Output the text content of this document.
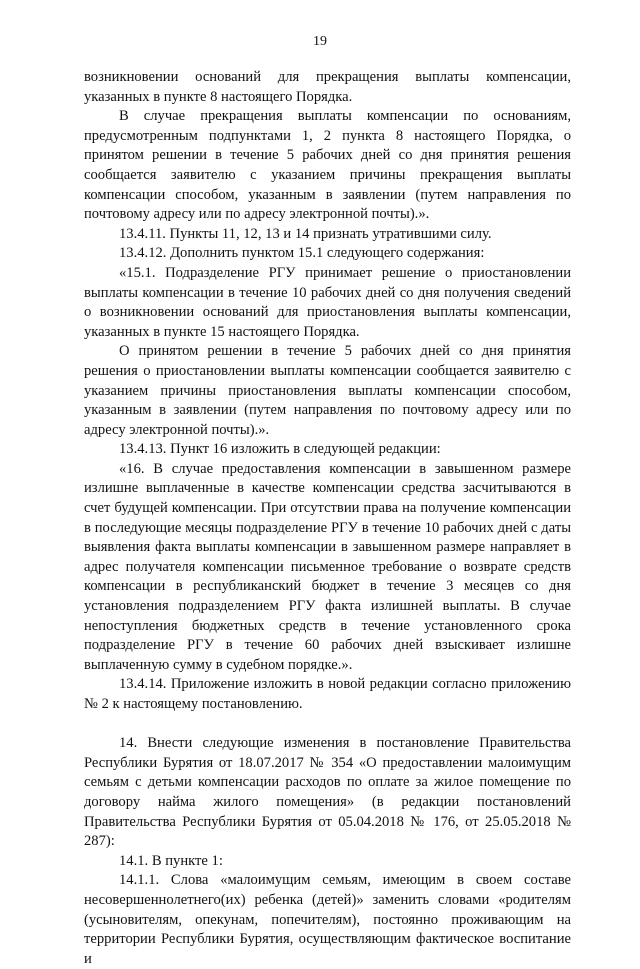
19

возникновении оснований для прекращения выплаты компенсации, указанных в пункте 8 настоящего Порядка.

В случае прекращения выплаты компенсации по основаниям, предусмотренным подпунктами 1, 2 пункта 8 настоящего Порядка, о принятом решении в течение 5 рабочих дней со дня принятия решения сообщается заявителю с указанием причины прекращения выплаты компенсации способом, указанным в заявлении (путем направления по почтовому адресу или по адресу электронной почты).».

13.4.11. Пункты 11, 12, 13 и 14 признать утратившими силу.

13.4.12. Дополнить пунктом 15.1 следующего содержания:

«15.1. Подразделение РГУ принимает решение о приостановлении выплаты компенсации в течение 10 рабочих дней со дня получения сведений о возникновении оснований для приостановления выплаты компенсации, указанных в пункте 15 настоящего Порядка.

О принятом решении в течение 5 рабочих дней со дня принятия решения о приостановлении выплаты компенсации сообщается заявителю с указанием причины приостановления выплаты компенсации способом, указанным в заявлении (путем направления по почтовому адресу или по адресу электронной почты).».

13.4.13. Пункт 16 изложить в следующей редакции:

«16. В случае предоставления компенсации в завышенном размере излишне выплаченные в качестве компенсации средства засчитываются в счет будущей компенсации. При отсутствии права на получение компенсации в последующие месяцы подразделение РГУ в течение 10 рабочих дней с даты выявления факта выплаты компенсации в завышенном размере направляет в адрес получателя компенсации письменное требование о возврате средств компенсации в республиканский бюджет в течение 3 месяцев со дня установления подразделением РГУ факта излишней выплаты. В случае непоступления бюджетных средств в течение установленного срока подразделение РГУ в течение 60 рабочих дней взыскивает излишне выплаченную сумму в судебном порядке.».

13.4.14. Приложение изложить в новой редакции согласно приложению № 2 к настоящему постановлению.

14. Внести следующие изменения в постановление Правительства Республики Бурятия от 18.07.2017 № 354 «О предоставлении малоимущим семьям с детьми компенсации расходов по оплате за жилое помещение по договору найма жилого помещения» (в редакции постановлений Правительства Республики Бурятия от 05.04.2018 № 176, от 25.05.2018 № 287):

14.1. В пункте 1:

14.1.1. Слова «малоимущим семьям, имеющим в своем составе несовершеннолетнего(их) ребенка (детей)» заменить словами «родителям (усыновителям, опекунам, попечителям), постоянно проживающим на территории Республики Бурятия, осуществляющим фактическое воспитание и
